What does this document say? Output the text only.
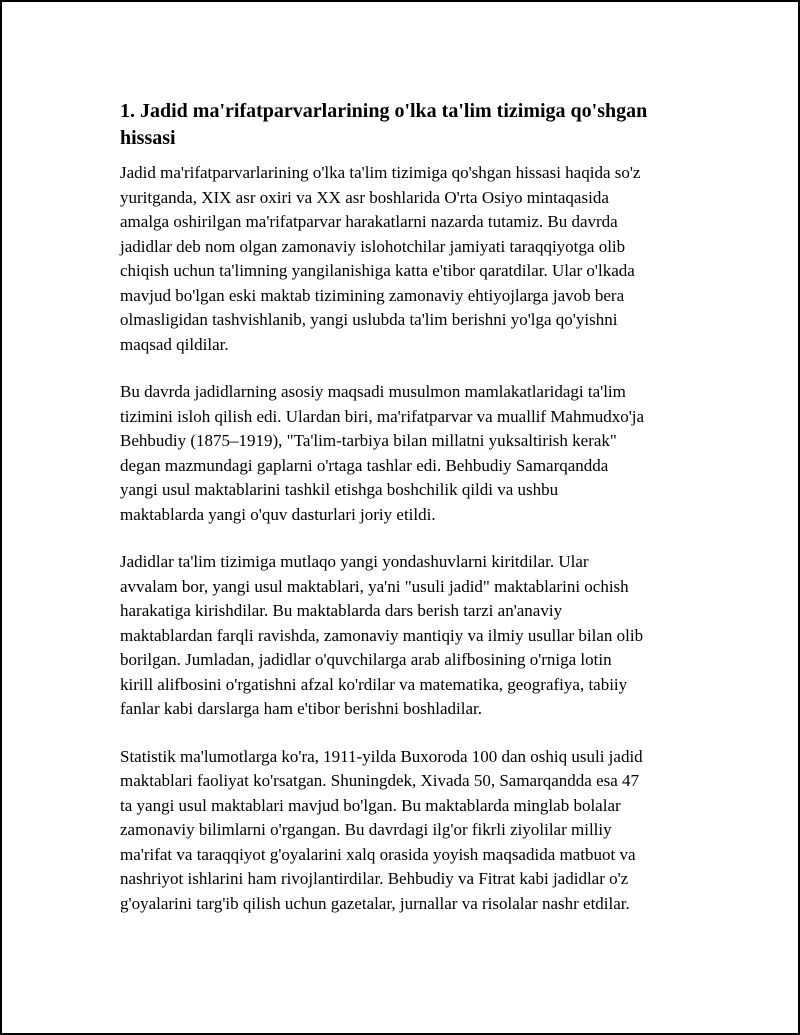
1. Jadid ma'rifatparvarlarining o'lka ta'lim tizimiga qo'shgan
hissasi

Jadid ma'rifatparvarlarining o'lka ta'lim tizimiga qo'shgan hissasi haqida so'z
yuritganda, XIX asr oxiri va XX asr boshlarida O'rta Osiyo mintaqasida
amalga oshirilgan ma'rifatparvar harakatlarni nazarda tutamiz. Bu davrda
jadidlar deb nom olgan zamonaviy islohotchilar jamiyati taraqqiyotga olib
chiqish uchun ta'limning yangilanishiga katta e'tibor qaratdilar. Ular o'lkada
mavjud bo'lgan eski maktab tizimining zamonaviy ehtiyojlarga javob bera
olmasligidan tashvishlanib, yangi uslubda ta'lim berishni yo'lga qo'yishni
maqsad qildilar.

Bu davrda jadidlarning asosiy maqsadi musulmon mamlakatlaridagi ta'lim
tizimini isloh qilish edi. Ulardan biri, ma'rifatparvar va muallif Mahmudxo'ja
Behbudiy (1875–1919), "Ta'lim-tarbiya bilan millatni yuksaltirish kerak"
degan mazmundagi gaplarni o'rtaga tashlar edi. Behbudiy Samarqandda
yangi usul maktablarini tashkil etishga boshchilik qildi va ushbu
maktablarda yangi o'quv dasturlari joriy etildi.

Jadidlar ta'lim tizimiga mutlaqo yangi yondashuvlarni kiritdilar. Ular
avvalam bor, yangi usul maktablari, ya'ni "usuli jadid" maktablarini ochish
harakatiga kirishdilar. Bu maktablarda dars berish tarzi an'anaviy
maktablardan farqli ravishda, zamonaviy mantiqiy va ilmiy usullar bilan olib
borilgan. Jumladan, jadidlar o'quvchilarga arab alifbosining o'rniga lotin
kirill alifbosini o'rgatishni afzal ko'rdilar va matematika, geografiya, tabiiy
fanlar kabi darslarga ham e'tibor berishni boshladilar.

Statistik ma'lumotlarga ko'ra, 1911-yilda Buxoroda 100 dan oshiq usuli jadid
maktablari faoliyat ko'rsatgan. Shuningdek, Xivada 50, Samarqandda esa 47
ta yangi usul maktablari mavjud bo'lgan. Bu maktablarda minglab bolalar
zamonaviy bilimlarni o'rgangan. Bu davrdagi ilg'or fikrli ziyolilar milliy
ma'rifat va taraqqiyot g'oyalarini xalq orasida yoyish maqsadida matbuot va
nashriyot ishlarini ham rivojlantirdilar. Behbudiy va Fitrat kabi jadidlar o'z
g'oyalarini targ'ib qilish uchun gazetalar, jurnallar va risolalar nashr etdilar.
